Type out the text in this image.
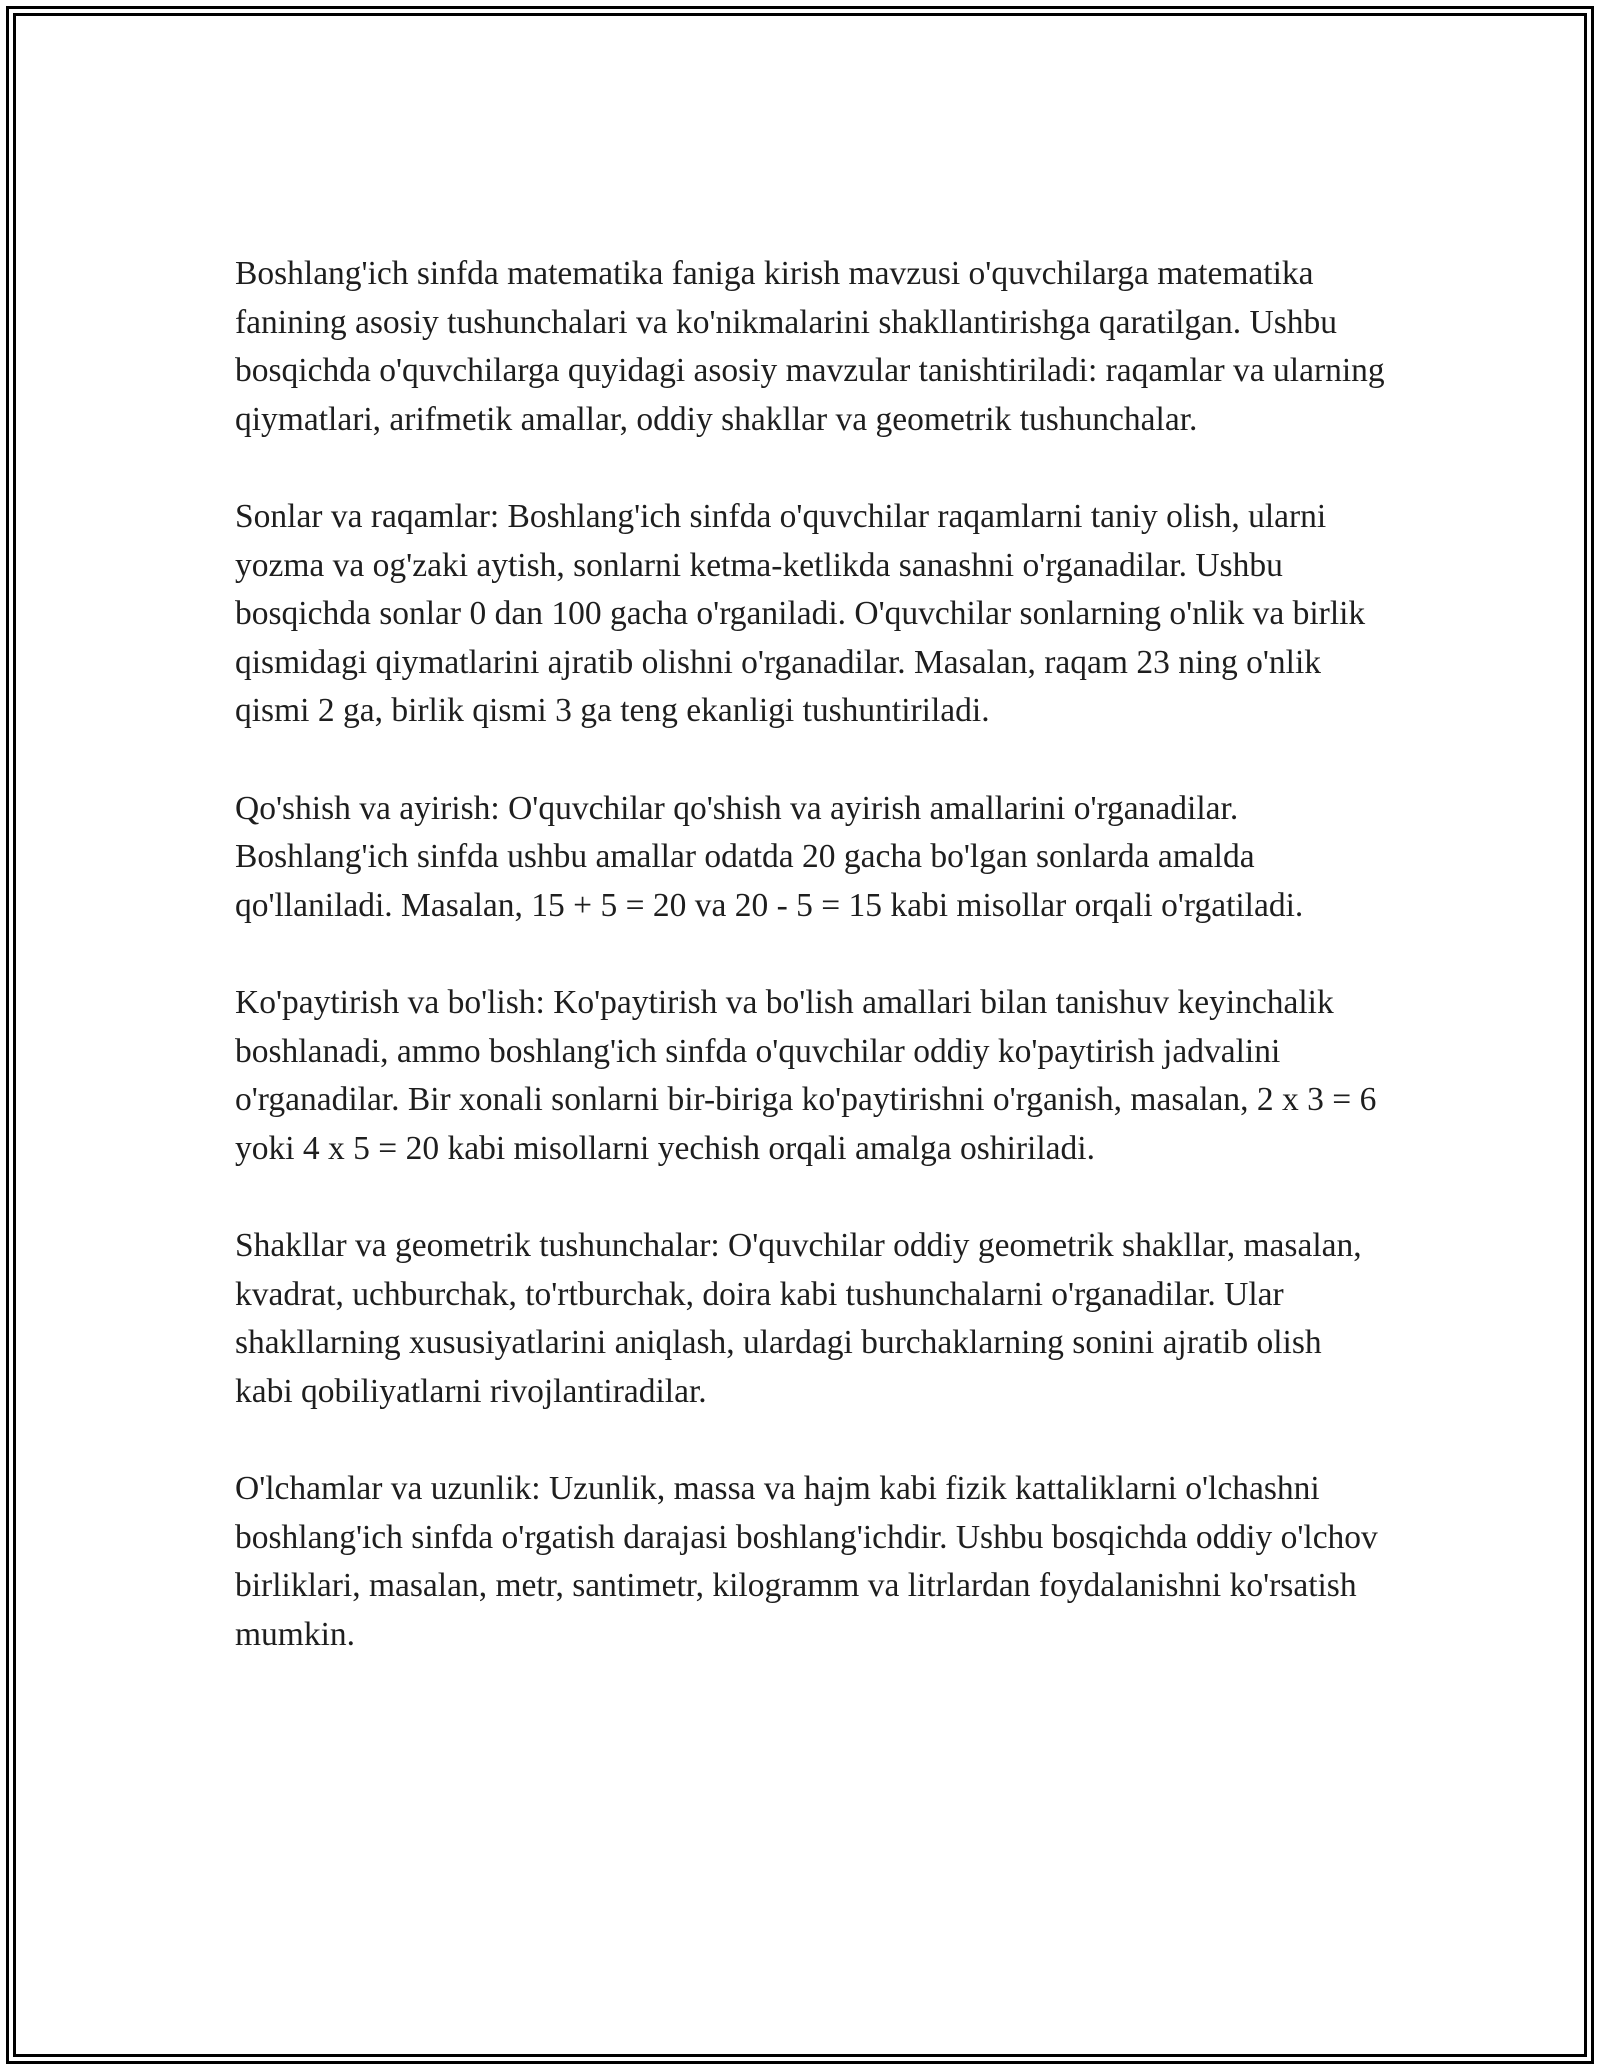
Boshlang'ich sinfda matematika faniga kirish mavzusi o'quvchilarga matematika fanining asosiy tushunchalari va ko'nikmalarini shakllantirishga qaratilgan. Ushbu bosqichda o'quvchilarga quyidagi asosiy mavzular tanishtiriladi: raqamlar va ularning qiymatlari, arifmetik amallar, oddiy shakllar va geometrik tushunchalar.

Sonlar va raqamlar: Boshlang'ich sinfda o'quvchilar raqamlarni taniy olish, ularni yozma va og'zaki aytish, sonlarni ketma-ketlikda sanashni o'rganadilar. Ushbu bosqichda sonlar 0 dan 100 gacha o'rganiladi. O'quvchilar sonlarning o'nlik va birlik qismidagi qiymatlarini ajratib olishni o'rganadilar. Masalan, raqam 23 ning o'nlik qismi 2 ga, birlik qismi 3 ga teng ekanligi tushuntiriladi.

Qo'shish va ayirish: O'quvchilar qo'shish va ayirish amallarini o'rganadilar. Boshlang'ich sinfda ushbu amallar odatda 20 gacha bo'lgan sonlarda amalda qo'llaniladi. Masalan, 15 + 5 = 20 va 20 - 5 = 15 kabi misollar orqali o'rgatiladi.

Ko'paytirish va bo'lish: Ko'paytirish va bo'lish amallari bilan tanishuv keyinchalik boshlanadi, ammo boshlang'ich sinfda o'quvchilar oddiy ko'paytirish jadvalini o'rganadilar. Bir xonali sonlarni bir-biriga ko'paytirishni o'rganish, masalan, 2 x 3 = 6 yoki 4 x 5 = 20 kabi misollarni yechish orqali amalga oshiriladi.

Shakllar va geometrik tushunchalar: O'quvchilar oddiy geometrik shakllar, masalan, kvadrat, uchburchak, to'rtburchak, doira kabi tushunchalarni o'rganadilar. Ular shakllarning xususiyatlarini aniqlash, ulardagi burchaklarning sonini ajratib olish kabi qobiliyatlarni rivojlantiradilar.

O'lchamlar va uzunlik: Uzunlik, massa va hajm kabi fizik kattaliklarni o'lchashni boshlang'ich sinfda o'rgatish darajasi boshlang'ichdir. Ushbu bosqichda oddiy o'lchov birliklari, masalan, metr, santimetr, kilogramm va litrlardan foydalanishni ko'rsatish mumkin.
